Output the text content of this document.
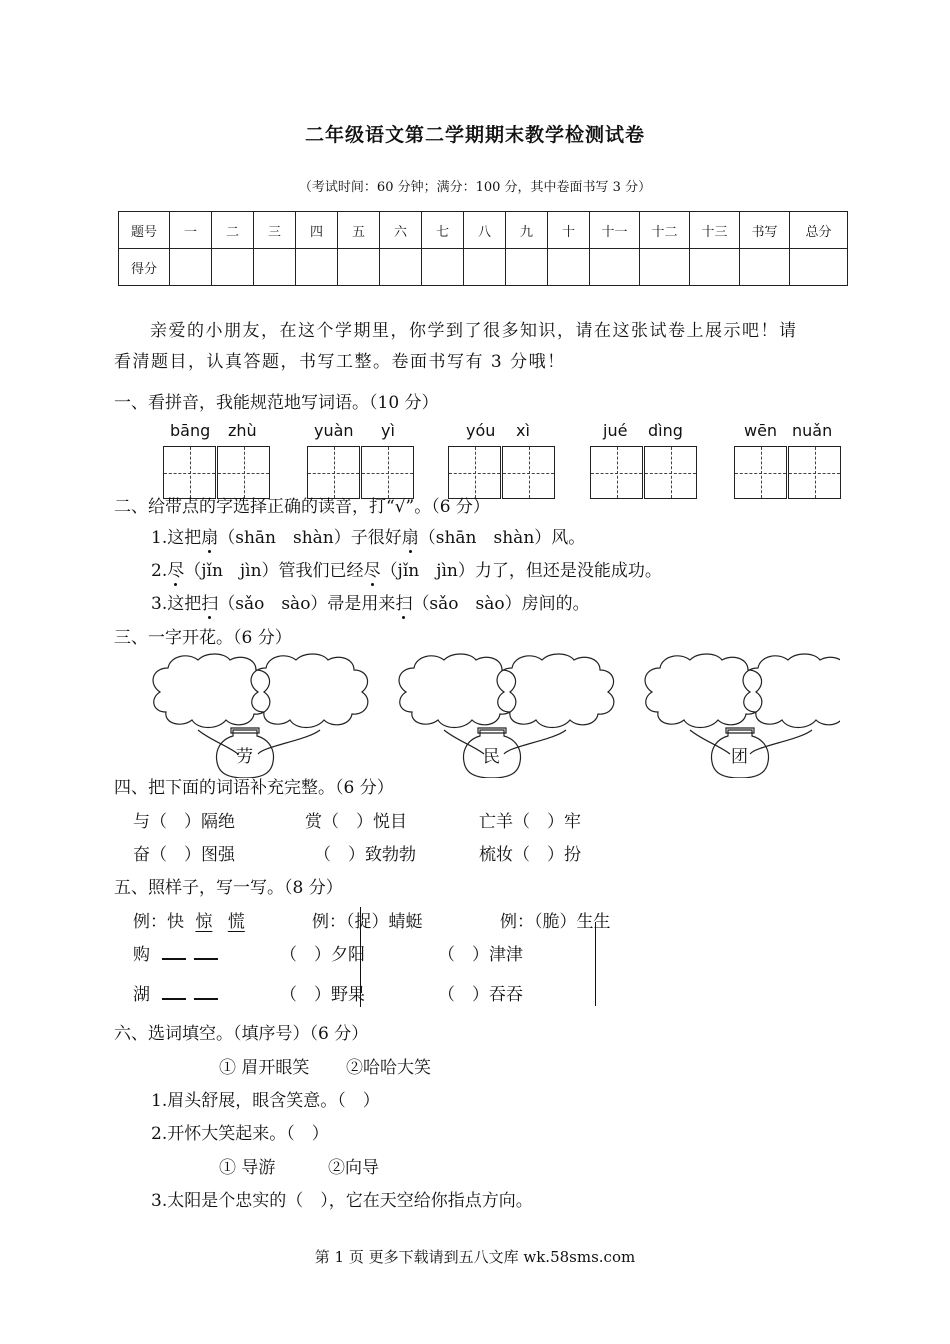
二年级语文第二学期期末教学检测试卷
（考试时间：60 分钟；满分：100 分，其中卷面书写 3 分）
题号	一	二	三	四	五	六	七	八	九	十	十一	十二	十三	书写	总分
得分															
亲爱的小朋友，在这个学期里，你学到了很多知识，请在这张试卷上展示吧！请
看清题目，认真答题，书写工整。卷面书写有 3 分哦！
一、看拼音，我能规范地写词语。（10 分）
bāng zhù	yuàn yì	yóu xì	jué dìng	wēn nuǎn
二、给带点的字选择正确的读音，打“√”。（6 分）
1.这把扇（shān　shàn）子很好扇（shān　shàn）风。
2.尽（jǐn　jìn）管我们已经尽（jǐn　jìn）力了，但还是没能成功。
3.这把扫（sǎo　sào）帚是用来扫（sǎo　sào）房间的。
三、一字开花。（6 分）
劳	民	团
四、把下面的词语补充完整。（6 分）
与（　）隔绝	赏（　）悦目	亡羊（　）牢
奋（　）图强	（　）致勃勃	梳妆（　）扮
五、照样子，写一写。（8 分）
例：快 惊 慌	例：（捉）蜻蜓	例：（脆）生生
购	（　）夕阳	（　）津津
湖	（　）野果	（　）吞吞
六、选词填空。（填序号）（6 分）
① 眉开眼笑 ②哈哈大笑
1.眉头舒展，眼含笑意。（　）
2.开怀大笑起来。（　）
① 导游	②向导
3.太阳是个忠实的（　），它在天空给你指点方向。
第 1 页 更多下载请到五八文库 wk.58sms.com
